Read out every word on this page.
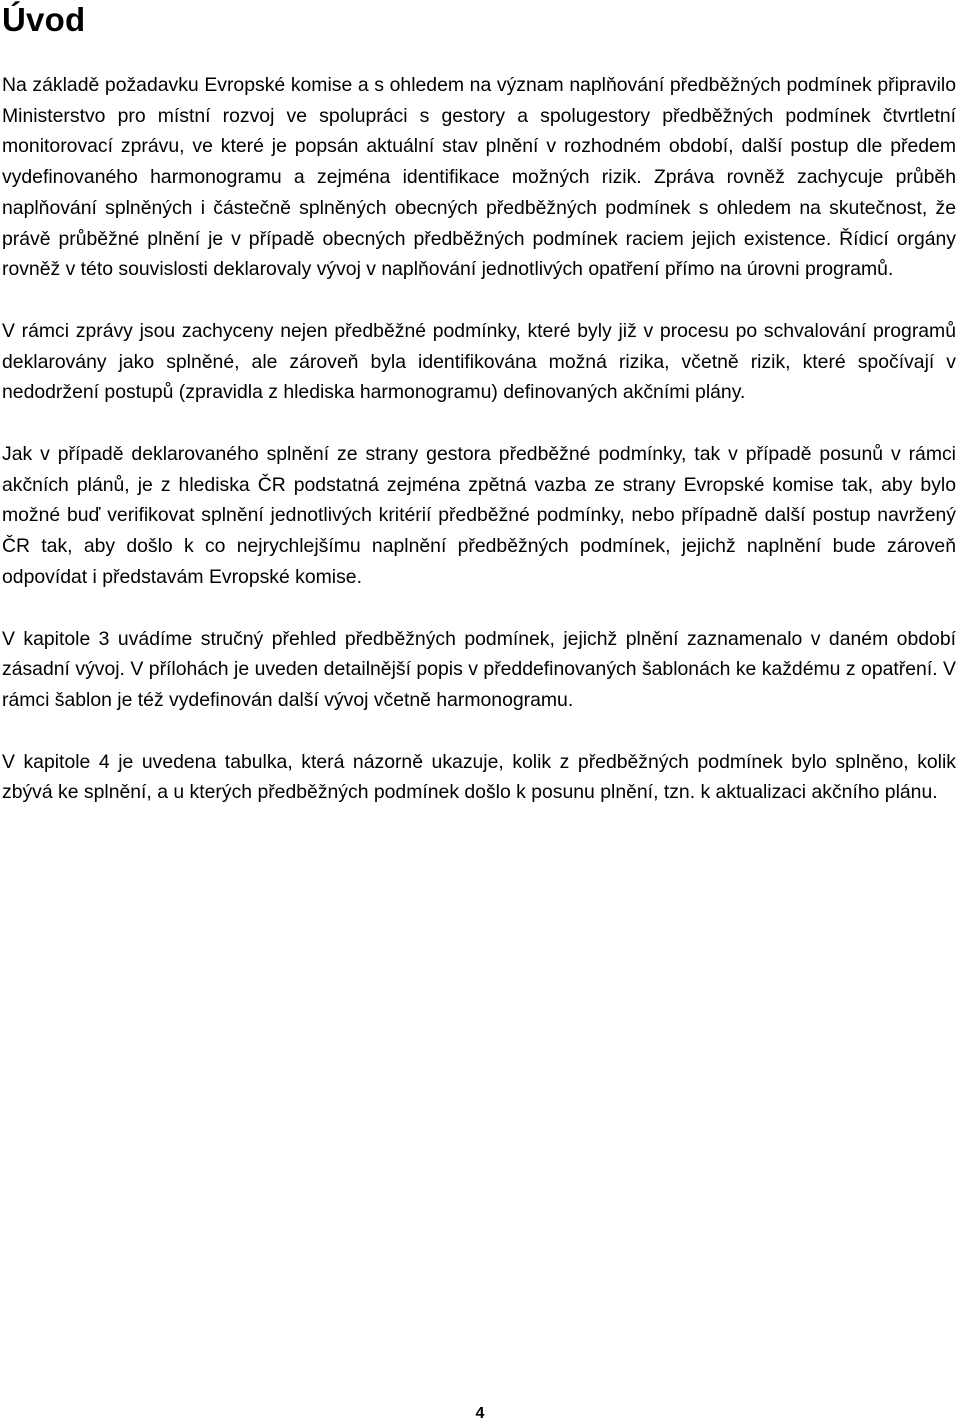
Úvod

Na základě požadavku Evropské komise a s ohledem na význam naplňování předběžných podmínek připravilo Ministerstvo pro místní rozvoj ve spolupráci s gestory a spolugestory předběžných podmínek čtvrtletní monitorovací zprávu, ve které je popsán aktuální stav plnění v rozhodném období, další postup dle předem vydefinovaného harmonogramu a zejména identifikace možných rizik. Zpráva rovněž zachycuje průběh naplňování splněných i částečně splněných obecných předběžných podmínek s ohledem na skutečnost, že právě průběžné plnění je v případě obecných předběžných podmínek raciem jejich existence. Řídicí orgány rovněž v této souvislosti deklarovaly vývoj v naplňování jednotlivých opatření přímo na úrovni programů.

V rámci zprávy jsou zachyceny nejen předběžné podmínky, které byly již v procesu po schvalování programů deklarovány jako splněné, ale zároveň byla identifikována možná rizika, včetně rizik, které spočívají v nedodržení postupů (zpravidla z hlediska harmonogramu) definovaných akčními plány.

Jak v případě deklarovaného splnění ze strany gestora předběžné podmínky, tak v případě posunů v rámci akčních plánů, je z hlediska ČR podstatná zejména zpětná vazba ze strany Evropské komise tak, aby bylo možné buď verifikovat splnění jednotlivých kritérií předběžné podmínky, nebo případně další postup navržený ČR tak, aby došlo k co nejrychlejšímu naplnění předběžných podmínek, jejichž naplnění bude zároveň odpovídat i představám Evropské komise.

V kapitole 3 uvádíme stručný přehled předběžných podmínek, jejichž plnění zaznamenalo v daném období zásadní vývoj. V přílohách je uveden detailnější popis v předdefinovaných šablonách ke každému z opatření. V rámci šablon je též vydefinován další vývoj včetně harmonogramu.

V kapitole 4 je uvedena tabulka, která názorně ukazuje, kolik z předběžných podmínek bylo splněno, kolik zbývá ke splnění, a u kterých předběžných podmínek došlo k posunu plnění, tzn. k aktualizaci akčního plánu.

4
